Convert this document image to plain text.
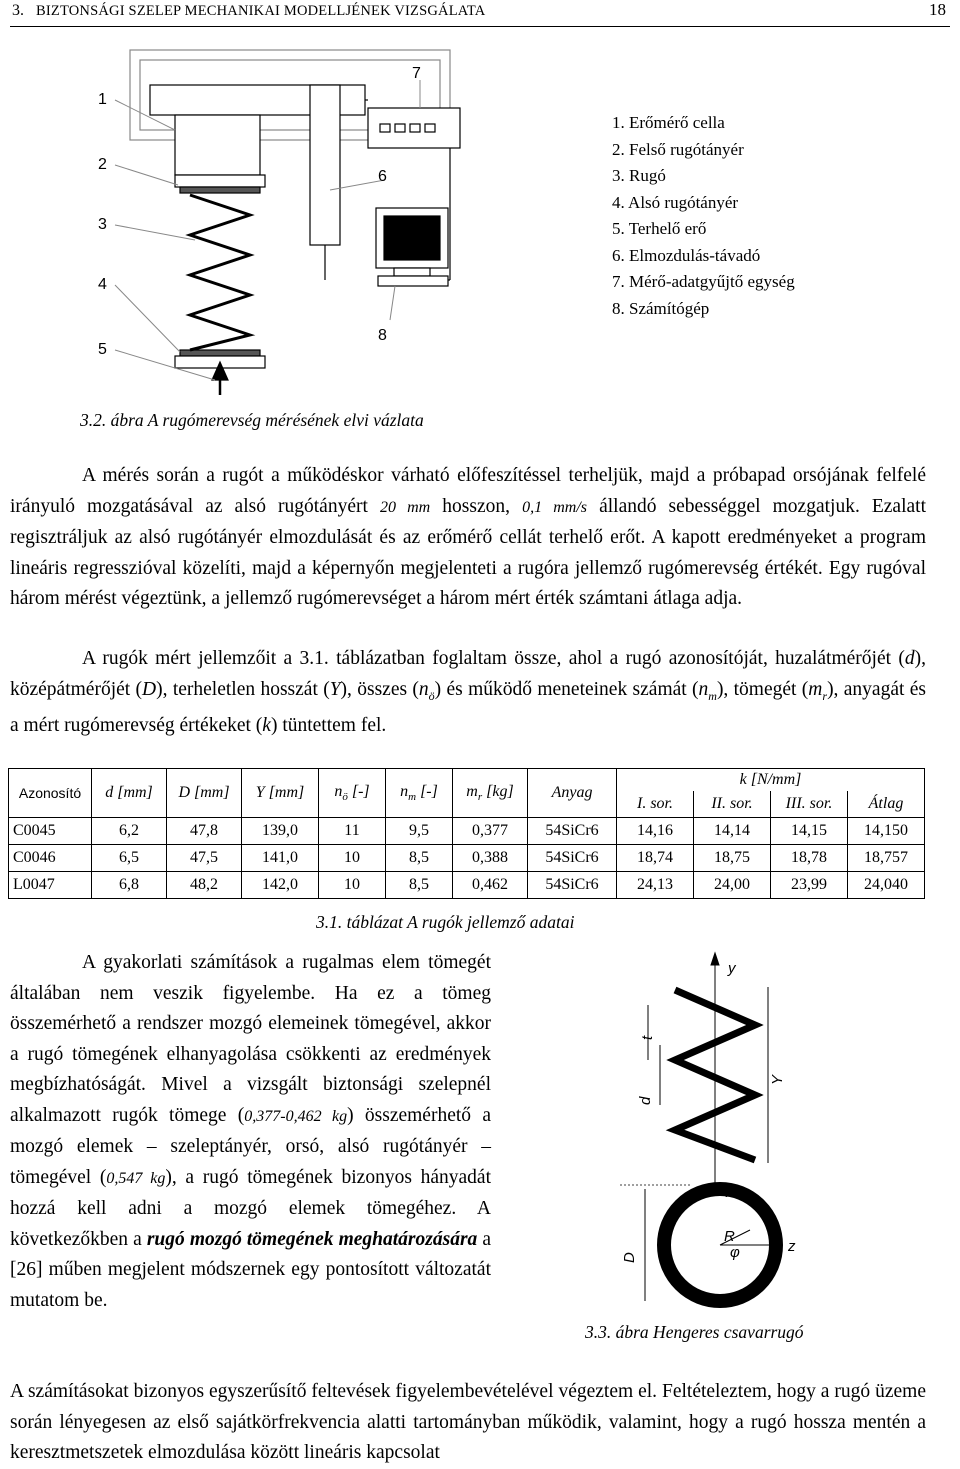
3. BIZTONSÁGI SZELEP MECHANIKAI MODELLJÉNEK VIZSGÁLATA	18
1
2
3
4
5
6
7
8
1. Erőmérő cella
2. Felső rugótányér
3. Rugó
4. Alsó rugótányér
5. Terhelő erő
6. Elmozdulás-távadó
7. Mérő-adatgyűjtő egység
8. Számítógép
3.2. ábra A rugómerevség mérésének elvi vázlata
A mérés során a rugót a működéskor várható előfeszítéssel terheljük, majd a próbapad orsójának felfelé irányuló mozgatásával az alsó rugótányért 20 mm hosszon, 0,1 mm/s állandó sebességgel mozgatjuk. Ezalatt regisztráljuk az alsó rugótányér elmozdulását és az erőmérő cellát terhelő erőt. A kapott eredményeket a program lineáris regresszióval közelíti, majd a képernyőn megjelenteti a rugóra jellemző rugómerevség értékét. Egy rugóval három mérést végeztünk, a jellemző rugómerevséget a három mért érték számtani átlaga adja.
A rugók mért jellemzőit a 3.1. táblázatban foglaltam össze, ahol a rugó azonosítóját, huzalátmérőjét (d), középátmérőjét (D), terheletlen hosszát (Y), összes $(n_ö)$ és működő meneteinek számát $(n_m)$, tömegét $(m_r)$, anyagát és a mért rugómerevség értékeket (k) tüntettem fel.
Azonosító	d [mm]	D [mm]	Y [mm]	$n_ö$ [-]	$n_m$ [-]	$m_r$ [kg]	Anyag	k [N/mm]			
								I. sor.	II. sor.	III. sor.	Átlag
C0045	6,2	47,8	139,0	11	9,5	0,377	54SiCr6	14,16	14,14	14,15	14,150
C0046	6,5	47,5	141,0	10	8,5	0,388	54SiCr6	18,74	18,75	18,78	18,757
L0047	6,8	48,2	142,0	10	8,5	0,462	54SiCr6	24,13	24,00	23,99	24,040
3.1. táblázat A rugók jellemző adatai
A gyakorlati számítások a rugalmas elem tömegét általában nem veszik figyelembe. Ha ez a tömeg összemérhető a rendszer mozgó elemeinek tömegével, akkor a rugó tömegének elhanyagolása csökkenti az eredmények megbízhatóságát. Mivel a vizsgált biztonsági szelepnél alkalmazott rugók tömege (0,377-0,462 kg) összemérhető a mozgó elemek – szeleptányér, orsó, alsó rugótányér – tömegével (0,547 kg), a rugó tömegének bizonyos hányadát hozzá kell adni a mozgó elemek tömegéhez. A következőkben a rugó mozgó tömegének meghatározására a [26] műben megjelent módszernek egy pontosított változatát mutatom be.
y
t
Y
d
x
D
R
φ	z
3.3. ábra Hengeres csavarrugó
A számításokat bizonyos egyszerűsítő feltevések figyelembevételével végeztem el. Feltételeztem, hogy a rugó üzeme során lényegesen az első sajátkörfrekvencia alatti tartományban működik, valamint, hogy a rugó hossza mentén a keresztmetszetek elmozdulása között lineáris kapcsolat
